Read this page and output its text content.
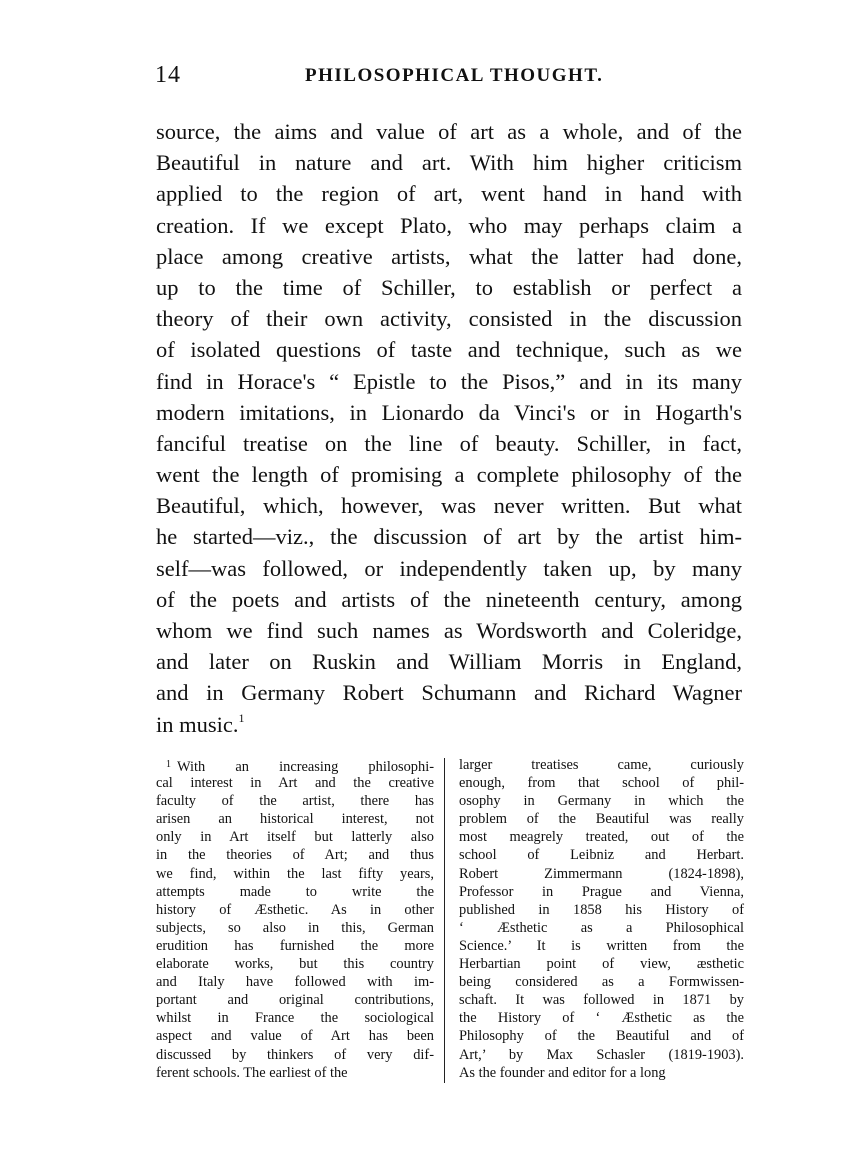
14	PHILOSOPHICAL THOUGHT.
source, the aims and value of art as a whole, and of the
Beautiful in nature and art. With him higher criticism
applied to the region of art, went hand in hand with
creation. If we except Plato, who may perhaps claim a
place among creative artists, what the latter had done,
up to the time of Schiller, to establish or perfect a
theory of their own activity, consisted in the discussion
of isolated questions of taste and technique, such as we
find in Horace's “ Epistle to the Pisos,” and in its many
modern imitations, in Lionardo da Vinci's or in Hogarth's
fanciful treatise on the line of beauty. Schiller, in fact,
went the length of promising a complete philosophy of the
Beautiful, which, however, was never written. But what
he started—viz., the discussion of art by the artist him-
self—was followed, or independently taken up, by many
of the poets and artists of the nineteenth century, among
whom we find such names as Wordsworth and Coleridge,
and later on Ruskin and William Morris in England,
and in Germany Robert Schumann and Richard Wagner
in music.$^1$
$^1$ With an increasing philosophi-
cal interest in Art and the creative
faculty of the artist, there has
arisen an historical interest, not
only in Art itself but latterly also
in the theories of Art; and thus
we find, within the last fifty years,
attempts made to write the
history of Æsthetic. As in other
subjects, so also in this, German
erudition has furnished the more
elaborate works, but this country
and Italy have followed with im-
portant and original contributions,
whilst in France the sociological
aspect and value of Art has been
discussed by thinkers of very dif-
ferent schools. The earliest of the
larger treatises came, curiously
enough, from that school of phil-
osophy in Germany in which the
problem of the Beautiful was really
most meagrely treated, out of the
school of Leibniz and Herbart.
Robert Zimmermann (1824-1898),
Professor in Prague and Vienna,
published in 1858 his History of
‘ Æsthetic as a Philosophical
Science.’ It is written from the
Herbartian point of view, æsthetic
being considered as a Formwissen-
schaft. It was followed in 1871 by
the History of ‘ Æsthetic as the
Philosophy of the Beautiful and of
Art,’ by Max Schasler (1819-1903).
As the founder and editor for a long
